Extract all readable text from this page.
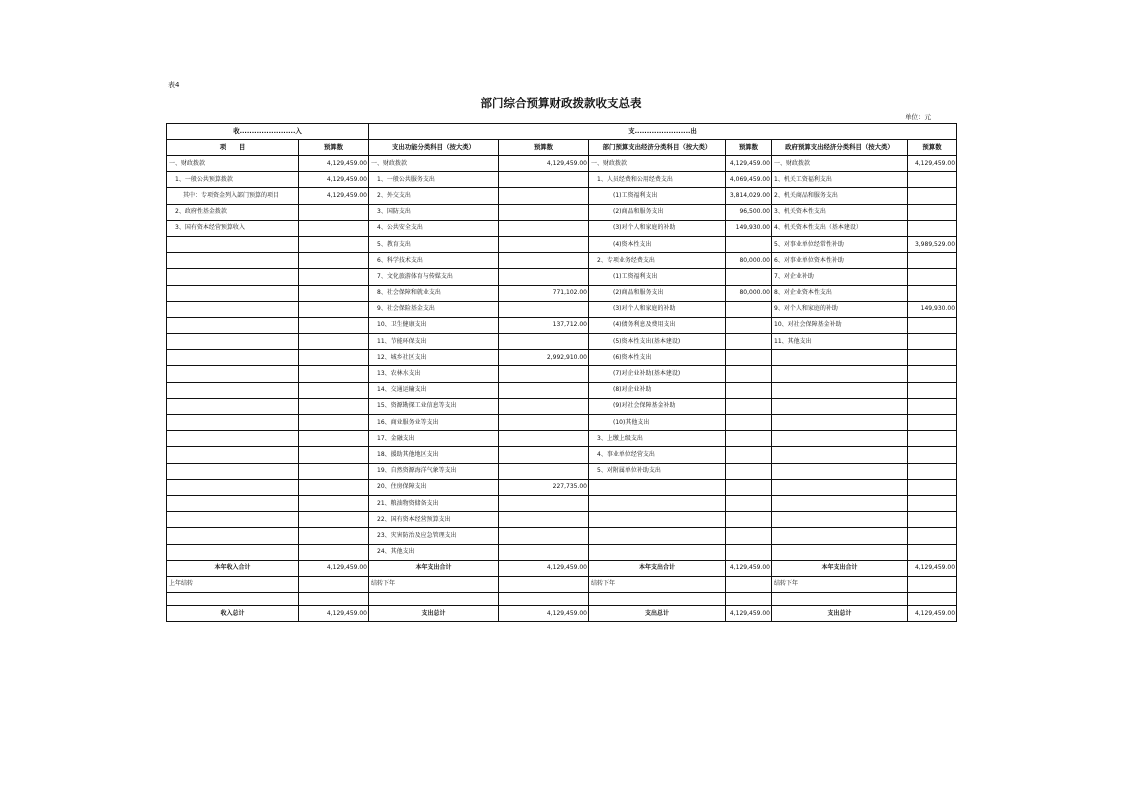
表4
部门综合预算财政拨款收支总表
单位：元
收.......................入		支.......................出					
项　　目	预算数	支出功能分类科目（按大类）	预算数	部门预算支出经济分类科目（按大类）	预算数	政府预算支出经济分类科目（按大类）	预算数
一、财政拨款	4,129,459.00	一、财政拨款	4,129,459.00	一、财政拨款	4,129,459.00	一、财政拨款	4,129,459.00
1、一般公共预算拨款	4,129,459.00	1、一般公共服务支出		1、人员经费和公用经费支出	4,069,459.00	1、机关工资福利支出	
其中：专项资金列入部门预算的项目	4,129,459.00	2、外交支出		(1)工资福利支出	3,814,029.00	2、机关商品和服务支出	
2、政府性基金拨款		3、国防支出		(2)商品和服务支出	96,500.00	3、机关资本性支出	
3、国有资本经营预算收入		4、公共安全支出		(3)对个人和家庭的补助	149,930.00	4、机关资本性支出（基本建设）	
		5、教育支出		(4)资本性支出		5、对事业单位经常性补助	3,989,529.00
		6、科学技术支出		2、专项业务经费支出	80,000.00	6、对事业单位资本性补助	
		7、文化旅游体育与传媒支出		(1)工资福利支出		7、对企业补助	
		8、社会保障和就业支出	771,102.00	(2)商品和服务支出	80,000.00	8、对企业资本性支出	
		9、社会保险基金支出		(3)对个人和家庭的补助		9、对个人和家庭的补助	149,930.00
		10、卫生健康支出	137,712.00	(4)债务利息及费用支出		10、对社会保障基金补助	
		11、节能环保支出		(5)资本性支出(基本建设)		11、其他支出	
		12、城乡社区支出	2,992,910.00	(6)资本性支出			
		13、农林水支出		(7)对企业补助(基本建设)			
		14、交通运输支出		(8)对企业补助			
		15、资源勘探工业信息等支出		(9)对社会保障基金补助			
		16、商业服务业等支出		(10)其他支出			
		17、金融支出		3、上缴上级支出			
		18、援助其他地区支出		4、事业单位经营支出			
		19、自然资源海洋气象等支出		5、对附属单位补助支出			
		20、住房保障支出	227,735.00				
		21、粮油物资储备支出					
		22、国有资本经营预算支出					
		23、灾害防治及应急管理支出					
		24、其他支出					
本年收入合计	4,129,459.00	本年支出合计	4,129,459.00	本年支出合计	4,129,459.00	本年支出合计	4,129,459.00
上年结转		结转下年		结转下年		结转下年	

收入总计	4,129,459.00	支出总计	4,129,459.00	支出总计	4,129,459.00	支出总计	4,129,459.00
